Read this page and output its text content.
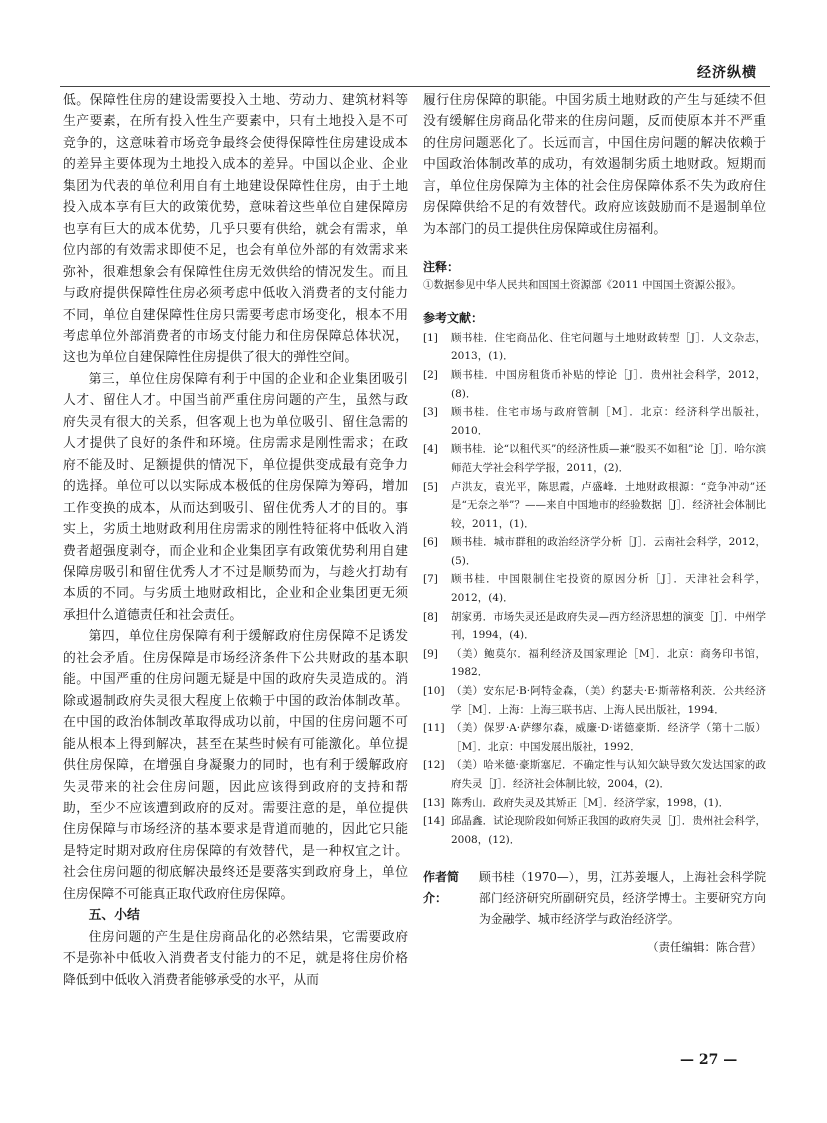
经济纵横

低。保障性住房的建设需要投入土地、劳动力、建筑材料等生产要素，在所有投入性生产要素中，只有土地投入是不可竞争的，这意味着市场竞争最终会使得保障性住房建设成本的差异主要体现为土地投入成本的差异。中国以企业、企业集团为代表的单位利用自有土地建设保障性住房，由于土地投入成本享有巨大的政策优势，意味着这些单位自建保障房也享有巨大的成本优势，几乎只要有供给，就会有需求，单位内部的有效需求即使不足，也会有单位外部的有效需求来弥补，很难想象会有保障性住房无效供给的情况发生。而且与政府提供保障性住房必须考虑中低收入消费者的支付能力不同，单位自建保障性住房只需要考虑市场变化，根本不用考虑单位外部消费者的市场支付能力和住房保障总体状况，这也为单位自建保障性住房提供了很大的弹性空间。

第三，单位住房保障有利于中国的企业和企业集团吸引人才、留住人才。中国当前严重住房问题的产生，虽然与政府失灵有很大的关系，但客观上也为单位吸引、留住急需的人才提供了良好的条件和环境。住房需求是刚性需求；在政府不能及时、足额提供的情况下，单位提供变成最有竞争力的选择。单位可以以实际成本极低的住房保障为筹码，增加工作变换的成本，从而达到吸引、留住优秀人才的目的。事实上，劣质土地财政利用住房需求的刚性特征将中低收入消费者超强度剥夺，而企业和企业集团享有政策优势利用自建保障房吸引和留住优秀人才不过是顺势而为，与趁火打劫有本质的不同。与劣质土地财政相比，企业和企业集团更无须承担什么道德责任和社会责任。

第四，单位住房保障有利于缓解政府住房保障不足诱发的社会矛盾。住房保障是市场经济条件下公共财政的基本职能。中国严重的住房问题无疑是中国的政府失灵造成的。消除或遏制政府失灵很大程度上依赖于中国的政治体制改革。在中国的政治体制改革取得成功以前，中国的住房问题不可能从根本上得到解决，甚至在某些时候有可能激化。单位提供住房保障，在增强自身凝聚力的同时，也有利于缓解政府失灵带来的社会住房问题，因此应该得到政府的支持和帮助，至少不应该遭到政府的反对。需要注意的是，单位提供住房保障与市场经济的基本要求是背道而驰的，因此它只能是特定时期对政府住房保障的有效替代，是一种权宜之计。社会住房问题的彻底解决最终还是要落实到政府身上，单位住房保障不可能真正取代政府住房保障。

五、小结

住房问题的产生是住房商品化的必然结果，它需要政府不是弥补中低收入消费者支付能力的不足，就是将住房价格降低到中低收入消费者能够承受的水平，从而

履行住房保障的职能。中国劣质土地财政的产生与延续不但没有缓解住房商品化带来的住房问题，反而使原本并不严重的住房问题恶化了。长远而言，中国住房问题的解决依赖于中国政治体制改革的成功，有效遏制劣质土地财政。短期而言，单位住房保障为主体的社会住房保障体系不失为政府住房保障供给不足的有效替代。政府应该鼓励而不是遏制单位为本部门的员工提供住房保障或住房福利。

注释：

①数据参见中华人民共和国国土资源部《2011 中国国土资源公报》。

参考文献：

[1]	顾书桂．住宅商品化、住宅问题与土地财政转型［J］．人文杂志，2013，(1)．
[2]	顾书桂．中国房租货币补贴的悖论［J］．贵州社会科学，2012，(8)．
[3]	顾书桂．住宅市场与政府管制［M］．北京：经济科学出版社，2010．
[4]	顾书桂．论“以租代买”的经济性质—兼“股买不如租”论［J］．哈尔滨师范大学社会科学学报，2011，(2)．
[5]	卢洪友，袁光平，陈思霞，卢盛峰．土地财政根源：“竞争冲动”还是“无奈之举”？——来自中国地市的经验数据［J］．经济社会体制比较，2011，(1)．
[6]	顾书桂．城市群租的政治经济学分析［J］．云南社会科学，2012，(5)．
[7]	顾书桂．中国限制住宅投资的原因分析［J］．天津社会科学，2012，(4)．
[8]	胡家勇．市场失灵还是政府失灵—西方经济思想的演变［J］．中州学刊，1994，(4)．
[9]	（美）鲍莫尔．福利经济及国家理论［M］．北京：商务印书馆，1982．
[10] （美）安东尼·B·阿特金森，（美）约瑟夫·E·斯蒂格利茨．公共经济学［M］．上海：上海三联书店、上海人民出版社，1994．
[11] （美）保罗·A·萨缪尔森，威廉·D·诺德豪斯．经济学（第十二版）［M］．北京：中国发展出版社，1992．
[12] （美）哈米德·豪斯塞尼．不确定性与认知欠缺导致欠发达国家的政府失灵［J］．经济社会体制比较，2004，(2)．
[13] 陈秀山．政府失灵及其矫正［M］．经济学家，1998，(1)．
[14] 邱晶鑫．试论现阶段如何矫正我国的政府失灵［J］．贵州社会科学，2008，(12)．
作者简介：
顾书桂（1970—），男，江苏姜堰人，上海社会科学院部门经济研究所副研究员，经济学博士。主要研究方向为金融学、城市经济学与政治经济学。

（责任编辑：陈合营）

— 27 —
